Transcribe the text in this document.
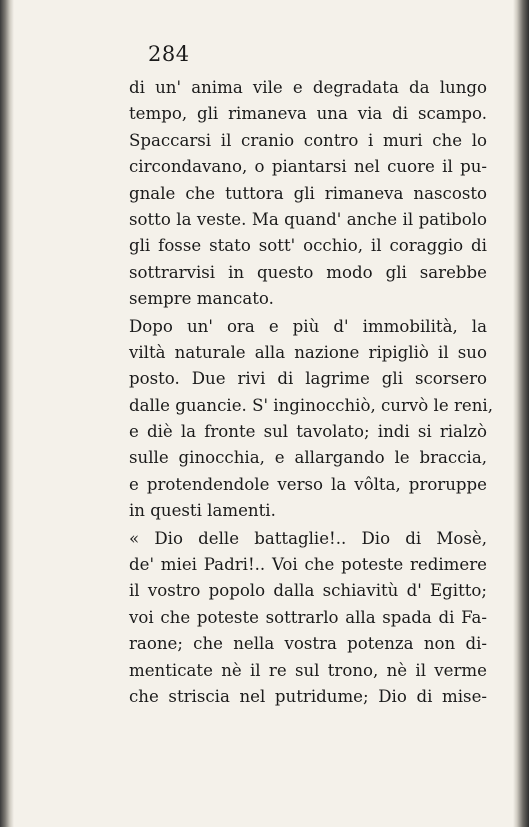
284
di un' anima vile e degradata da lungo
tempo, gli rimaneva una via di scampo.
Spaccarsi il cranio contro i muri che lo
circondavano, o piantarsi nel cuore il pu-
gnale che tuttora gli rimaneva nascosto
sotto la veste. Ma quand' anche il patibolo
gli fosse stato sott' occhio, il coraggio di
sottrarvisi in questo modo gli sarebbe
sempre mancato.
Dopo un' ora e più d' immobilità, la
viltà naturale alla nazione ripigliò il suo
posto. Due rivi di lagrime gli scorsero
dalle guancie. S' inginocchiò, curvò le reni,
e diè la fronte sul tavolato; indi si rialzò
sulle ginocchia, e allargando le braccia,
e protendendole verso la vôlta, proruppe
in questi lamenti.
« Dio delle battaglie!.. Dio di Mosè,
de' miei Padri!.. Voi che poteste redimere
il vostro popolo dalla schiavitù d' Egitto;
voi che poteste sottrarlo alla spada di Fa-
raone; che nella vostra potenza non di-
menticate nè il re sul trono, nè il verme
che striscia nel putridume; Dio di mise-
